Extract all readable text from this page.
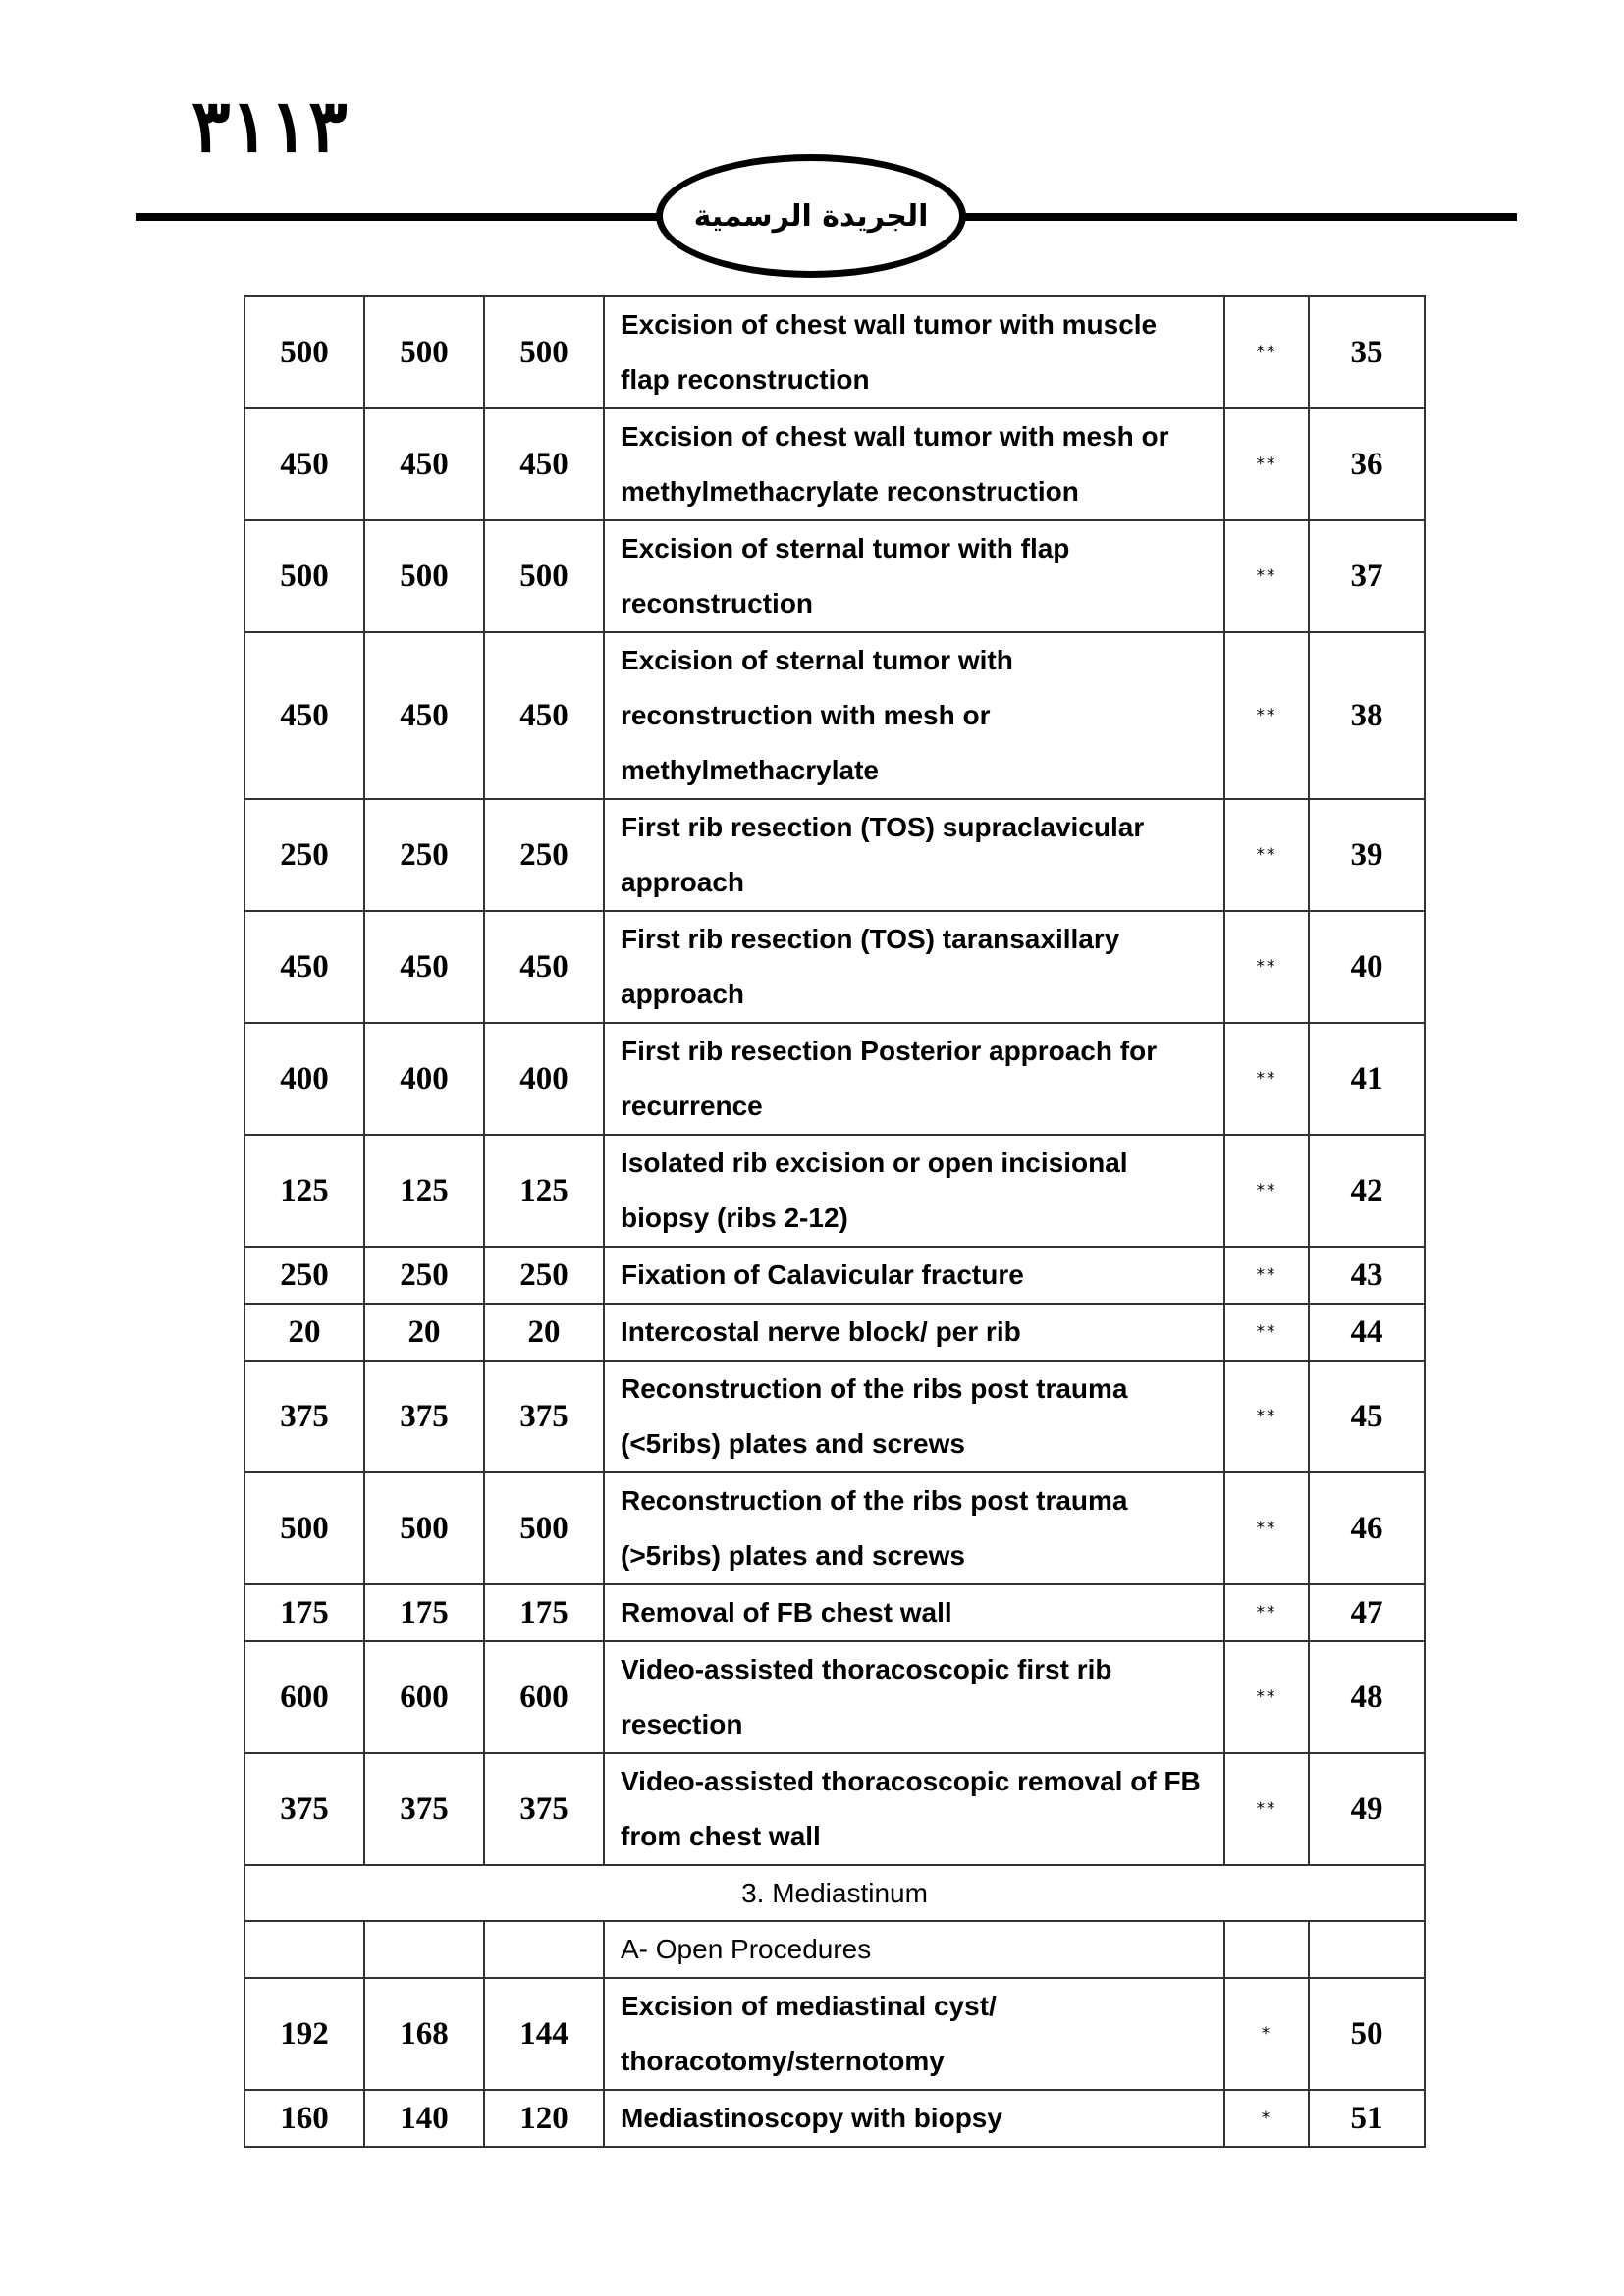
٣١١٣
الجريدة الرسمية
500	500	500	Excision of chest wall tumor with muscle flap reconstruction	**	35
450	450	450	Excision of chest wall tumor with mesh or methylmethacrylate reconstruction	**	36
500	500	500	Excision of sternal tumor with flap reconstruction	**	37
450	450	450	Excision of sternal tumor with reconstruction with mesh or methylmethacrylate	**	38
250	250	250	First rib resection (TOS) supraclavicular approach	**	39
450	450	450	First rib resection (TOS) taransaxillary approach	**	40
400	400	400	First rib resection Posterior approach for recurrence	**	41
125	125	125	Isolated rib excision or open incisional biopsy (ribs 2-12)	**	42
250	250	250	Fixation of Calavicular fracture	**	43
20	20	20	Intercostal nerve block/ per rib	**	44
375	375	375	Reconstruction of the ribs post trauma (<5ribs) plates and screws	**	45
500	500	500	Reconstruction of the ribs post trauma (>5ribs) plates and screws	**	46
175	175	175	Removal of FB chest wall	**	47
600	600	600	Video-assisted thoracoscopic first rib resection	**	48
375	375	375	Video-assisted thoracoscopic removal of FB from chest wall	**	49
3. Mediastinum					
			A- Open Procedures		
192	168	144	Excision of mediastinal cyst/ thoracotomy/sternotomy	*	50
160	140	120	Mediastinoscopy with biopsy	*	51
